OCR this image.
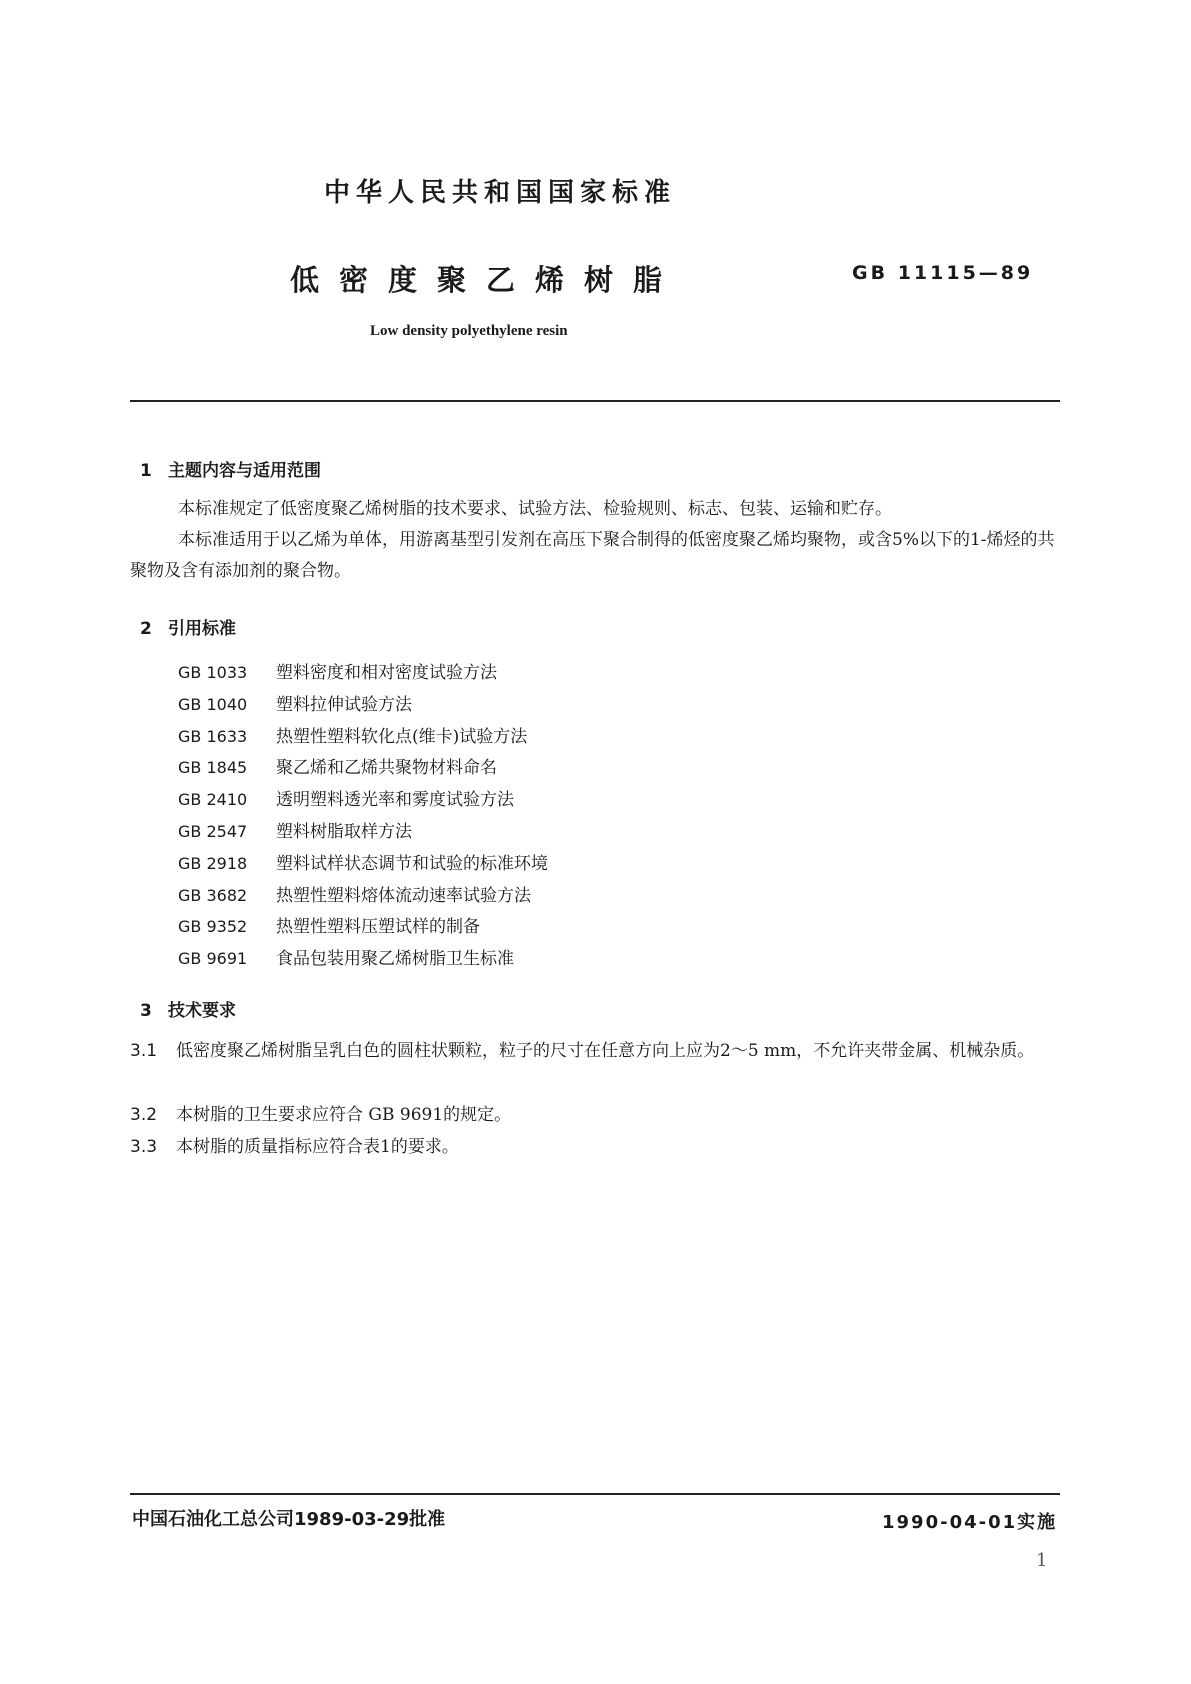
中华人民共和国国家标准
低密度聚乙烯树脂	GB 11115—89
Low density polyethylene resin
1 主题内容与适用范围

本标准规定了低密度聚乙烯树脂的技术要求、试验方法、检验规则、标志、包装、运输和贮存。

本标准适用于以乙烯为单体，用游离基型引发剂在高压下聚合制得的低密度聚乙烯均聚物，或含5%以下的1-烯烃的共聚物及含有添加剂的聚合物。

2 引用标准
GB 1033 塑料密度和相对密度试验方法
GB 1040 塑料拉伸试验方法
GB 1633 热塑性塑料软化点(维卡)试验方法
GB 1845 聚乙烯和乙烯共聚物材料命名
GB 2410 透明塑料透光率和雾度试验方法
GB 2547 塑料树脂取样方法
GB 2918 塑料试样状态调节和试验的标准环境
GB 3682 热塑性塑料熔体流动速率试验方法
GB 9352 热塑性塑料压塑试样的制备
GB 9691 食品包装用聚乙烯树脂卫生标准
3 技术要求
3.1 低密度聚乙烯树脂呈乳白色的圆柱状颗粒，粒子的尺寸在任意方向上应为2～5 mm，不允许夹带金属、机械杂质。
3.2 本树脂的卫生要求应符合 GB 9691的规定。
3.3 本树脂的质量指标应符合表1的要求。
中国石油化工总公司1989-03-29批准	1990-04-01实施
1
